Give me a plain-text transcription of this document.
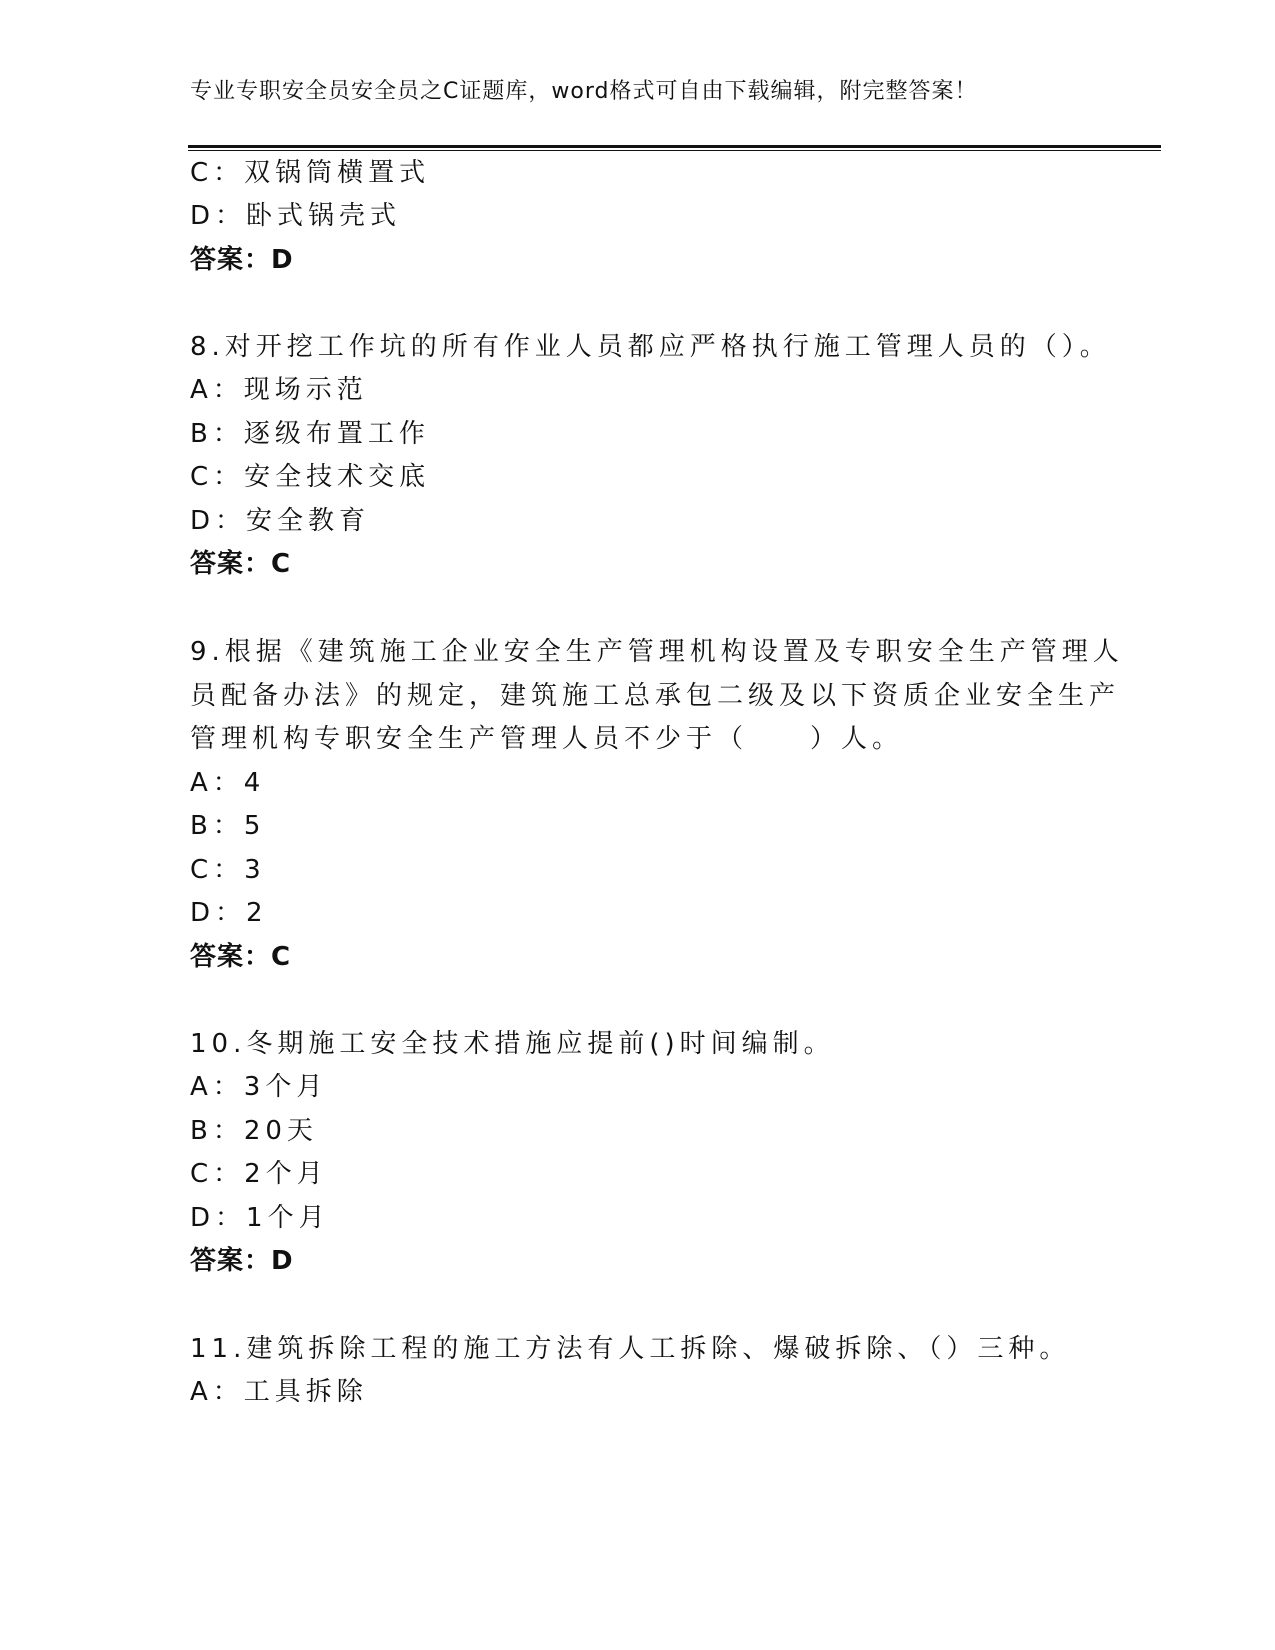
专业专职安全员安全员之C证题库，word格式可自由下载编辑，附完整答案！
C：双锅筒横置式
D：卧式锅壳式
答案：D
8.对开挖工作坑的所有作业人员都应严格执行施工管理人员的（）。
A：现场示范
B：逐级布置工作
C：安全技术交底
D：安全教育
答案：C
9.根据《建筑施工企业安全生产管理机构设置及专职安全生产管理人
员配备办法》的规定，建筑施工总承包二级及以下资质企业安全生产
管理机构专职安全生产管理人员不少于（　　）人。
A：4
B：5
C：3
D：2
答案：C
10.冬期施工安全技术措施应提前()时间编制。
A：3个月
B：20天
C：2个月
D：1个月
答案：D
11.建筑拆除工程的施工方法有人工拆除、爆破拆除、（）三种。
A：工具拆除
